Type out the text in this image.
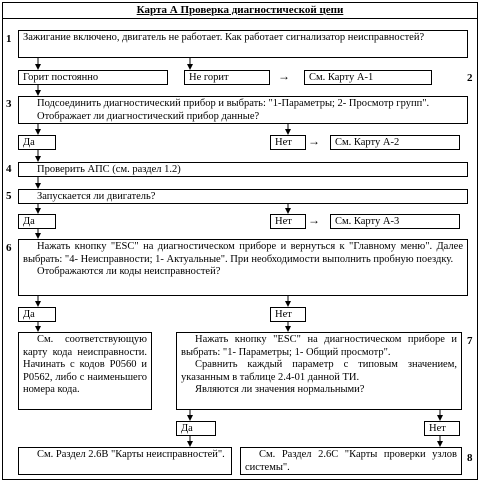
Карта А Проверка диагностической цепи
1	Зажигание включено, двигатель не работает. Как работает сигнализатор неисправностей?
Горит постоянно	Не горит	→	См. Карту А-1	2
3	Подсоединить диагностический прибор и выбрать: "1-Параметры; 2- Просмотр групп".
Отображает ли диагностический прибор данные?
Да	Нет	→	См. Карту А-2
4	Проверить АПС (см. раздел 1.2)
5	Запускается ли двигатель?
Да	Нет	→	См. Карту А-3
6	Нажать кнопку "ESC" на диагностическом приборе и вернуться к "Главному меню". Далее выбрать: "4- Неисправности; 1- Актуальные". При необходимости выполнить пробную поездку.
Отображаются ли коды неисправностей?
Да	Нет
См. соответствующую карту кода неисправности. Начинать с кодов Р0560 и Р0562, либо с наименьшего номера кода.
Нажать кнопку "ESC" на диагностическом приборе и выбрать: "1- Параметры; 1- Общий просмотр".
Сравнить каждый параметр с типовым значением, указанным в таблице 2.4-01 данной ТИ.
Являются ли значения нормальными?
7
Да	Нет
См. Раздел 2.6В "Карты неисправностей".	См. Раздел 2.6С "Карты проверки узлов системы".
8
